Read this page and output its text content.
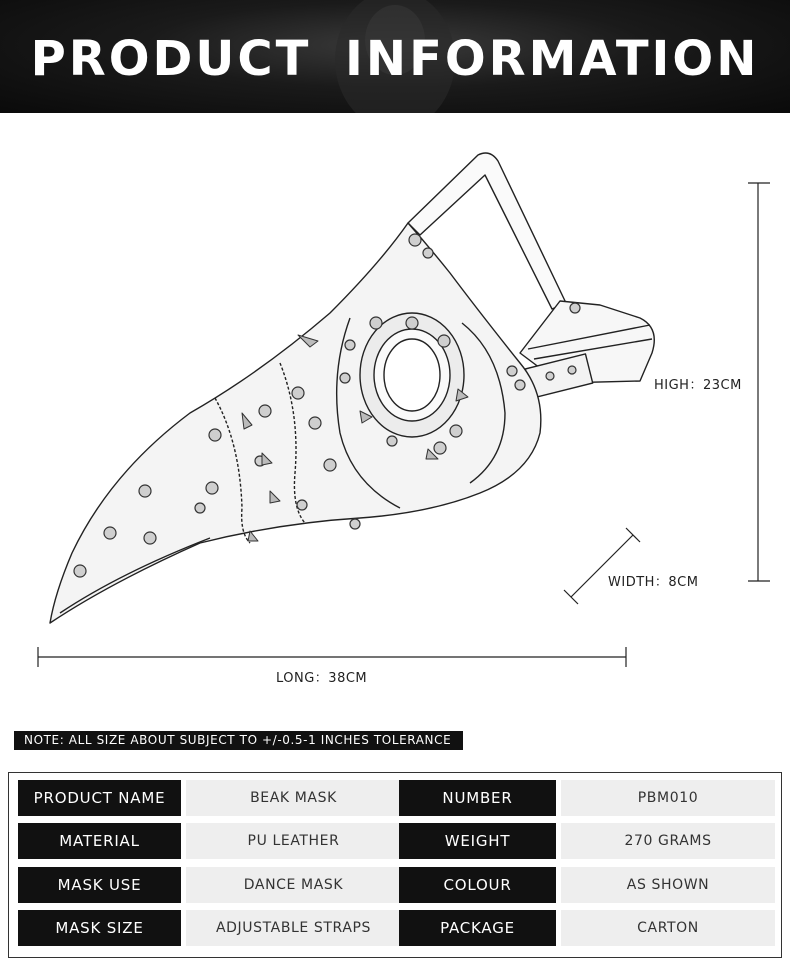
PRODUCT INFORMATION
HIGH：23CM
WIDTH：8CM
LONG：38CM
NOTE: ALL SIZE ABOUT SUBJECT TO +/-0.5-1 INCHES TOLERANCE
PRODUCT NAME	BEAK MASK	NUMBER	PBM010
MATERIAL	PU LEATHER	WEIGHT	270 GRAMS
MASK USE	DANCE MASK	COLOUR	AS SHOWN
MASK SIZE	ADJUSTABLE STRAPS	PACKAGE	CARTON
